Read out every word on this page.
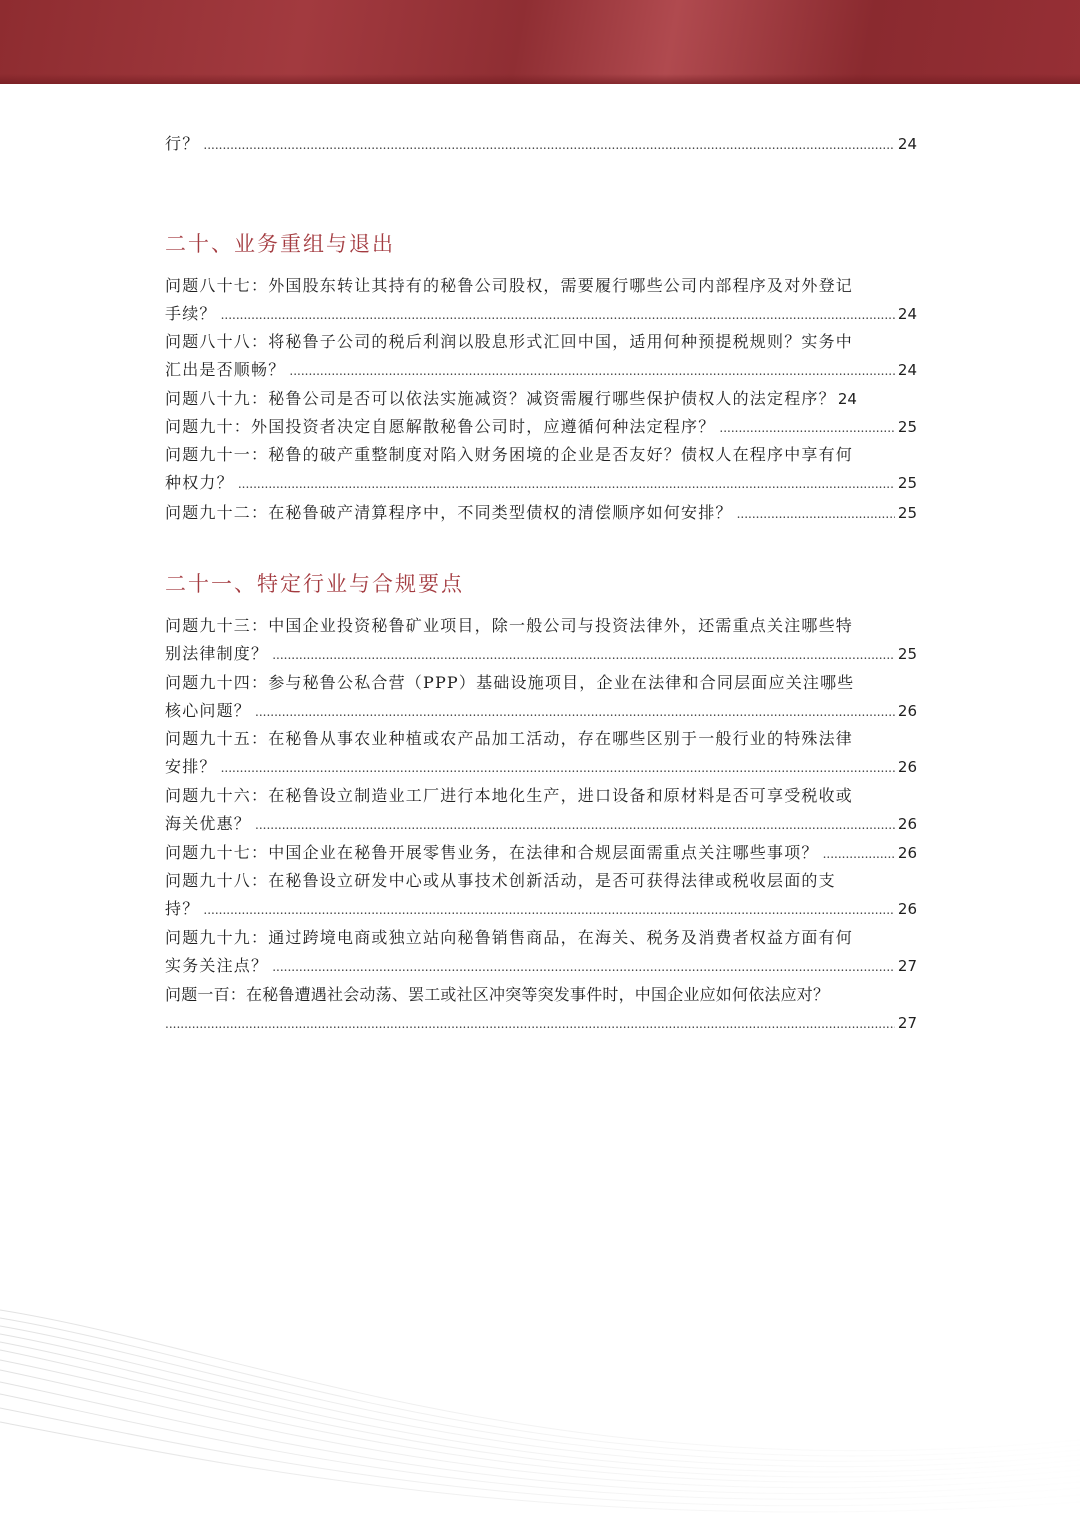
行？ .....	24
二十、业务重组与退出
问题八十七：外国股东转让其持有的秘鲁公司股权，需要履行哪些公司内部程序及对外登记
手续？ .....	24
问题八十八：将秘鲁子公司的税后利润以股息形式汇回中国，适用何种预提税规则？实务中
汇出是否顺畅？ .....	24
问题八十九：秘鲁公司是否可以依法实施减资？减资需履行哪些保护债权人的法定程序？ 24
问题九十：外国投资者决定自愿解散秘鲁公司时，应遵循何种法定程序？ .....	25
问题九十一：秘鲁的破产重整制度对陷入财务困境的企业是否友好？债权人在程序中享有何
种权力？ .....	25
问题九十二：在秘鲁破产清算程序中，不同类型债权的清偿顺序如何安排？ .....	25
二十一、特定行业与合规要点
问题九十三：中国企业投资秘鲁矿业项目，除一般公司与投资法律外，还需重点关注哪些特
别法律制度？ .....	25
问题九十四：参与秘鲁公私合营（PPP）基础设施项目，企业在法律和合同层面应关注哪些
核心问题？ .....	26
问题九十五：在秘鲁从事农业种植或农产品加工活动，存在哪些区别于一般行业的特殊法律
安排？ .....	26
问题九十六：在秘鲁设立制造业工厂进行本地化生产，进口设备和原材料是否可享受税收或
海关优惠？ .....	26
问题九十七：中国企业在秘鲁开展零售业务，在法律和合规层面需重点关注哪些事项？ .....	26
问题九十八：在秘鲁设立研发中心或从事技术创新活动，是否可获得法律或税收层面的支
持？ .....	26
问题九十九：通过跨境电商或独立站向秘鲁销售商品，在海关、税务及消费者权益方面有何
实务关注点？ .....	27
问题一百：在秘鲁遭遇社会动荡、罢工或社区冲突等突发事件时，中国企业应如何依法应对？
.....
27
